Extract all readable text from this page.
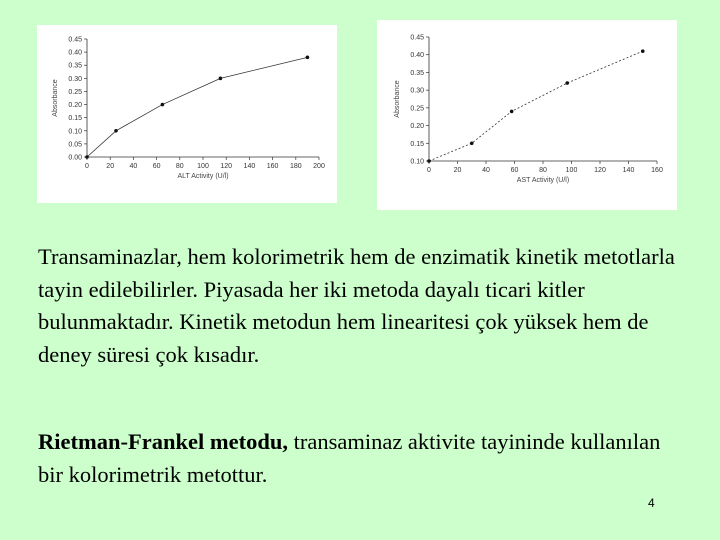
0.00
0.05
0.10
0.15
0.20
0.25
0.30
0.35
0.40
0.45
0 20 40 60 80 100 120 140 160 180 200
ALT Activity (U/l)
Absorbance
0.10
0.15
0.20
0.25
0.30
0.35
0.40
0.45
0	20	40	60	80	100 120 140 160
AST Activity (U/l)
Absorbance

Transaminazlar, hem kolorimetrik hem de enzimatik kinetik metotlarla tayin edilebilirler. Piyasada her iki metoda dayalı ticari kitler bulunmaktadır. Kinetik metodun hem linearitesi çok yüksek hem de deney süresi çok kısadır.

Rietman-Frankel metodu, transaminaz aktivite tayininde kullanılan bir kolorimetrik metottur.

4
